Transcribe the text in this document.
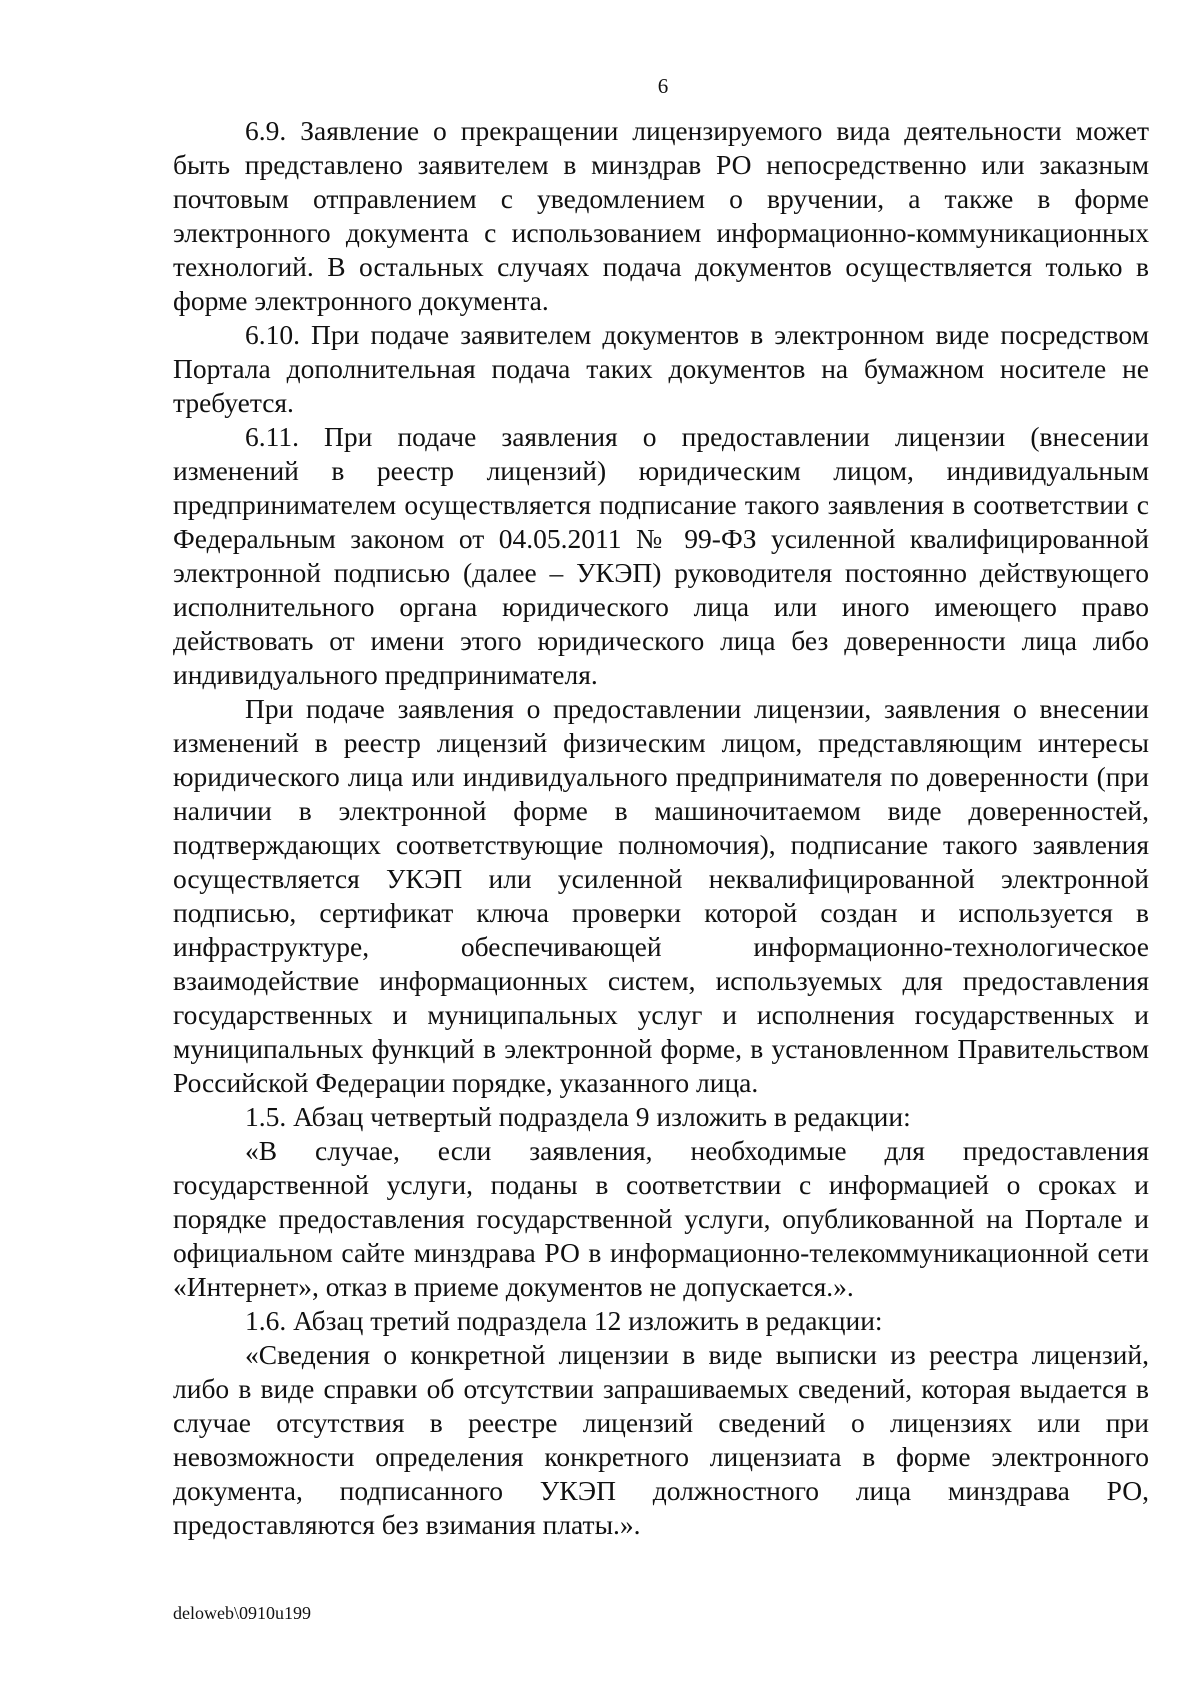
6

6.9. Заявление о прекращении лицензируемого вида деятельности может быть представлено заявителем в минздрав РО непосредственно или заказным почтовым отправлением с уведомлением о вручении, а также в форме электронного документа с использованием информационно-коммуникационных технологий. В остальных случаях подача документов осуществляется только в форме электронного документа.

6.10. При подаче заявителем документов в электронном виде посредством Портала дополнительная подача таких документов на бумажном носителе не требуется.

6.11. При подаче заявления о предоставлении лицензии (внесении изменений в реестр лицензий) юридическим лицом, индивидуальным предпринимателем осуществляется подписание такого заявления в соответствии с Федеральным законом от 04.05.2011 № 99-ФЗ усиленной квалифицированной электронной подписью (далее – УКЭП) руководителя постоянно действующего исполнительного органа юридического лица или иного имеющего право действовать от имени этого юридического лица без доверенности лица либо индивидуального предпринимателя.

При подаче заявления о предоставлении лицензии, заявления о внесении изменений в реестр лицензий физическим лицом, представляющим интересы юридического лица или индивидуального предпринимателя по доверенности (при наличии в электронной форме в машиночитаемом виде доверенностей, подтверждающих соответствующие полномочия), подписание такого заявления осуществляется УКЭП или усиленной неквалифицированной электронной подписью, сертификат ключа проверки которой создан и используется в инфраструктуре, обеспечивающей информационно-технологическое взаимодействие информационных систем, используемых для предоставления государственных и муниципальных услуг и исполнения государственных и муниципальных функций в электронной форме, в установленном Правительством Российской Федерации порядке, указанного лица.

1.5. Абзац четвертый подраздела 9 изложить в редакции:

«В случае, если заявления, необходимые для предоставления государственной услуги, поданы в соответствии с информацией о сроках и порядке предоставления государственной услуги, опубликованной на Портале и официальном сайте минздрава РО в информационно-телекоммуникационной сети «Интернет», отказ в приеме документов не допускается.».

1.6. Абзац третий подраздела 12 изложить в редакции:

«Сведения о конкретной лицензии в виде выписки из реестра лицензий, либо в виде справки об отсутствии запрашиваемых сведений, которая выдается в случае отсутствия в реестре лицензий сведений о лицензиях или при невозможности определения конкретного лицензиата в форме электронного документа, подписанного УКЭП должностного лица минздрава РО, предоставляются без взимания платы.».

deloweb\0910u199
